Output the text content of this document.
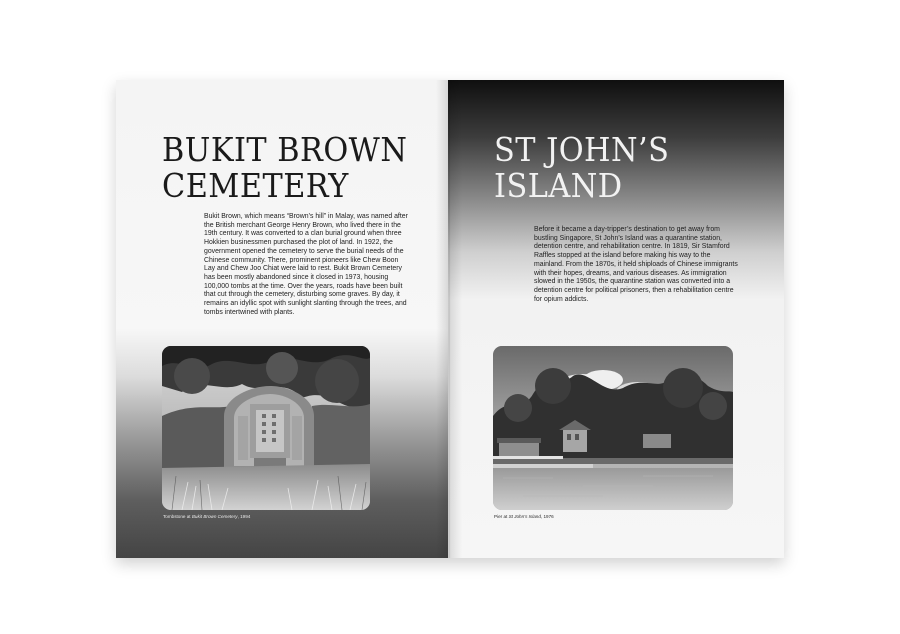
BUKIT BROWN
CEMETERY

Bukit Brown, which means “Brown’s hill” in Malay, was named after the British merchant George Henry Brown, who lived there in the 19th century. It was converted to a clan burial ground when three Hokkien businessmen purchased the plot of land. In 1922, the government opened the cemetery to serve the burial needs of the Chinese community. There, prominent pioneers like Chew Boon Lay and Chew Joo Chiat were laid to rest. Bukit Brown Cemetery has been mostly abandoned since it closed in 1973, housing 100,000 tombs at the time. Over the years, roads have been built that cut through the cemetery, disturbing some graves. By day, it remains an idyllic spot with sunlight slanting through the trees, and tombs intertwined with plants.

Tombstone at Bukit Brown Cemetery, 1994
ST JOHN’S
ISLAND

Before it became a day-tripper’s destination to get away from bustling Singapore, St John’s Island was a quarantine station, detention centre, and rehabilitation centre. In 1819, Sir Stamford Raffles stopped at the island before making his way to the mainland. From the 1870s, it held shiploads of Chinese immigrants with their hopes, dreams, and various diseases. As immigration slowed in the 1950s, the quarantine station was converted into a detention centre for political prisoners, then a rehabilitation centre for opium addicts.

Pier at St John’s Island, 1976
